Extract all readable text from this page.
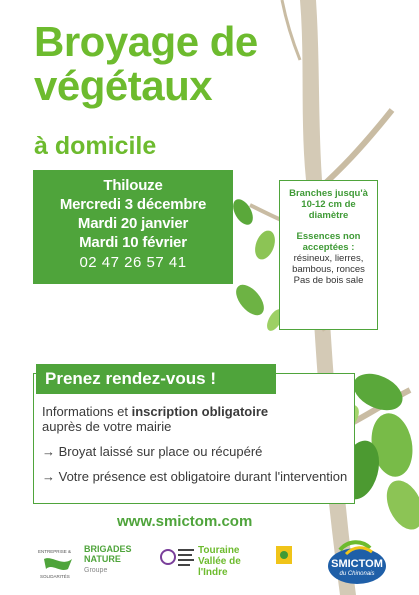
Broyage de
végétaux
à domicile
Thilouze
Mercredi 3 décembre
Mardi 20 janvier
Mardi 10 février
02 47 26 57 41
Branches jusqu'à 10-12 cm de diamètre
Essences non acceptées :
résineux, lierres, bambous, ronces
Pas de bois sale
Prenez rendez-vous !

Informations et inscription obligatoire
auprès de votre mairie

→ Broyat laissé sur place ou récupéré

→ Votre présence est obligatoire durant l'intervention

www.smictom.com
ENTREPRISE &
SOLIDARITÉS
BRIGADES NATURE
Groupe
Touraine Vallée de l'Indre
SMICTOM
du Chinonais
